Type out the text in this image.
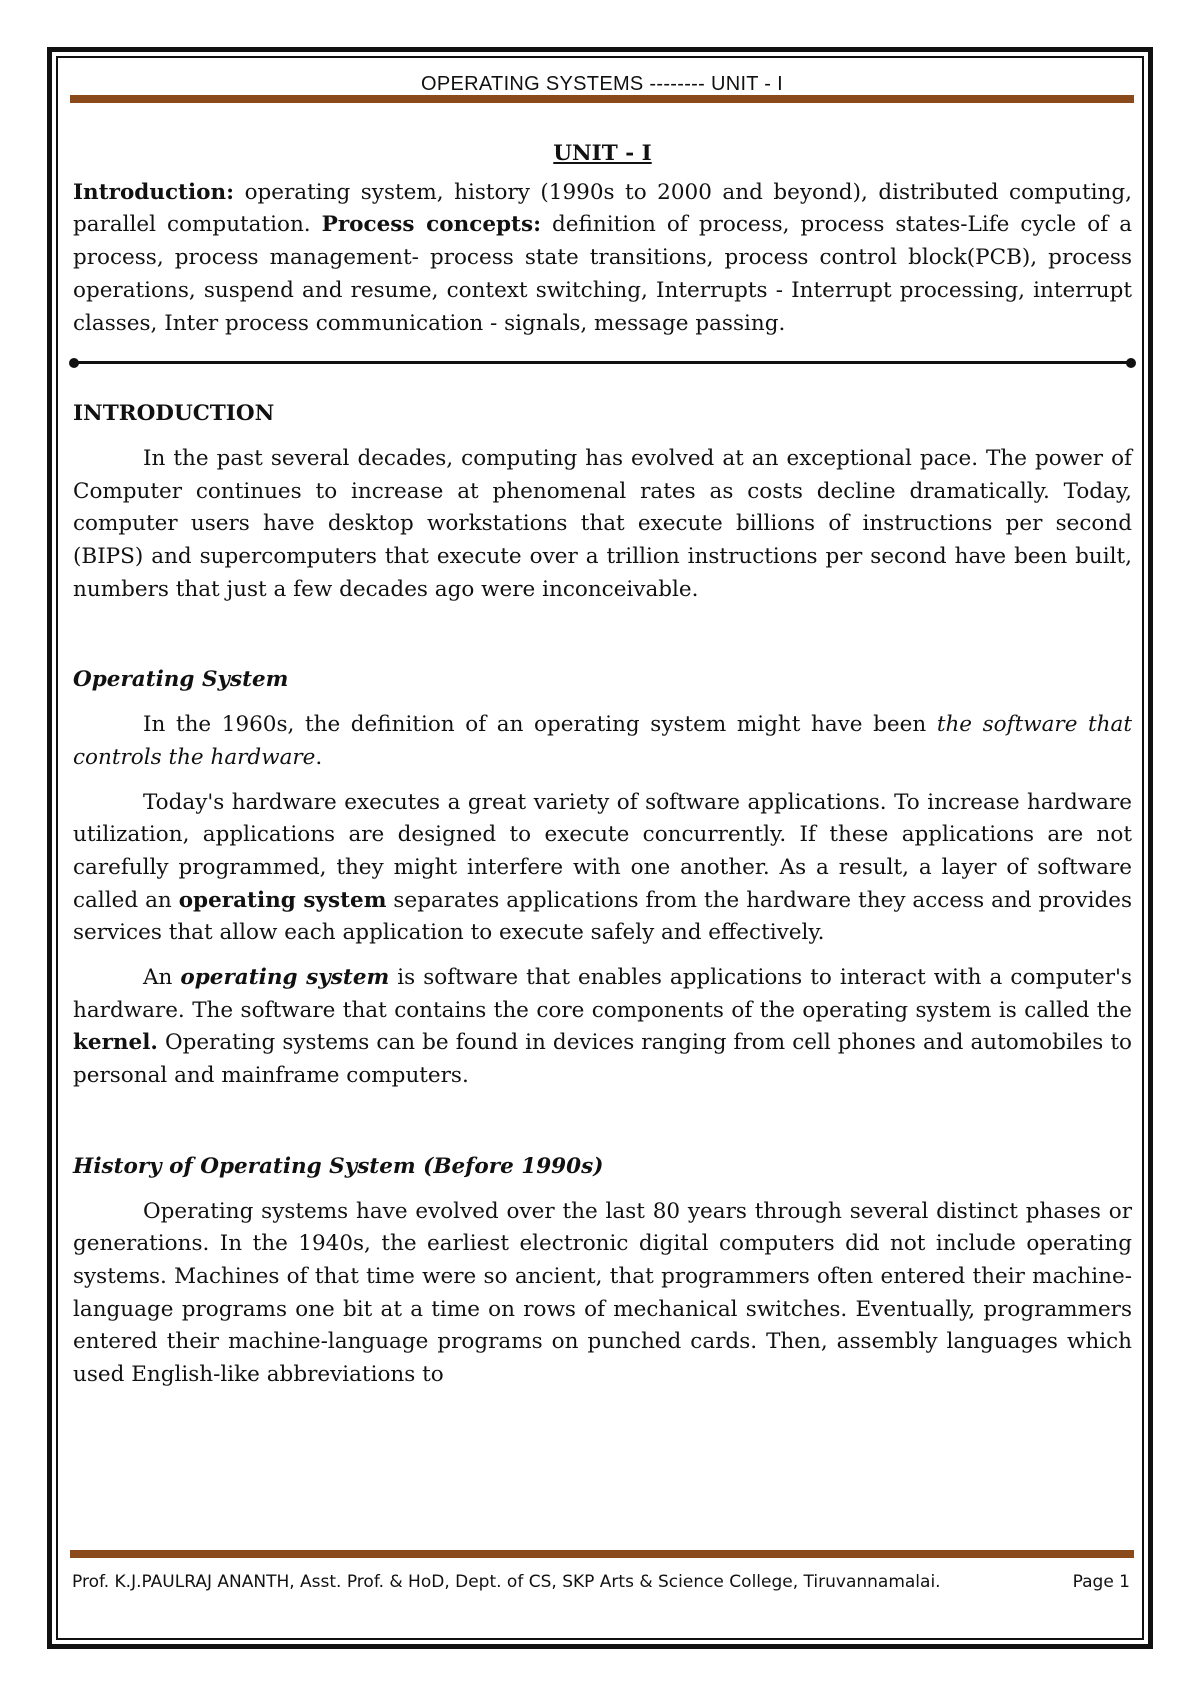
OPERATING SYSTEMS -------- UNIT - I
UNIT - I

Introduction: operating system, history (1990s to 2000 and beyond), distributed computing, parallel computation. Process concepts: definition of process, process states-Life cycle of a process, process management- process state transitions, process control block(PCB), process operations, suspend and resume, context switching, Interrupts - Interrupt processing, interrupt classes, Inter process communication - signals, message passing.

INTRODUCTION

In the past several decades, computing has evolved at an exceptional pace. The power of Computer continues to increase at phenomenal rates as costs decline dramatically. Today, computer users have desktop workstations that execute billions of instructions per second (BIPS) and supercomputers that execute over a trillion instructions per second have been built, numbers that just a few decades ago were inconceivable.

Operating System

In the 1960s, the definition of an operating system might have been the software that controls the hardware.

Today's hardware executes a great variety of software applications. To increase hardware utilization, applications are designed to execute concurrently. If these applications are not carefully programmed, they might interfere with one another. As a result, a layer of software called an operating system separates applications from the hardware they access and provides services that allow each application to execute safely and effectively.

An operating system is software that enables applications to interact with a computer's hardware. The software that contains the core components of the operating system is called the kernel. Operating systems can be found in devices ranging from cell phones and automobiles to personal and mainframe computers.

History of Operating System (Before 1990s)

Operating systems have evolved over the last 80 years through several distinct phases or generations. In the 1940s, the earliest electronic digital computers did not include operating systems. Machines of that time were so ancient, that programmers often entered their machine-language programs one bit at a time on rows of mechanical switches. Eventually, programmers entered their machine-language programs on punched cards. Then, assembly languages which used English-like abbreviations to

Prof. K.J.PAULRAJ ANANTH, Asst. Prof. & HoD, Dept. of CS, SKP Arts & Science College, Tiruvannamalai.	Page 1
